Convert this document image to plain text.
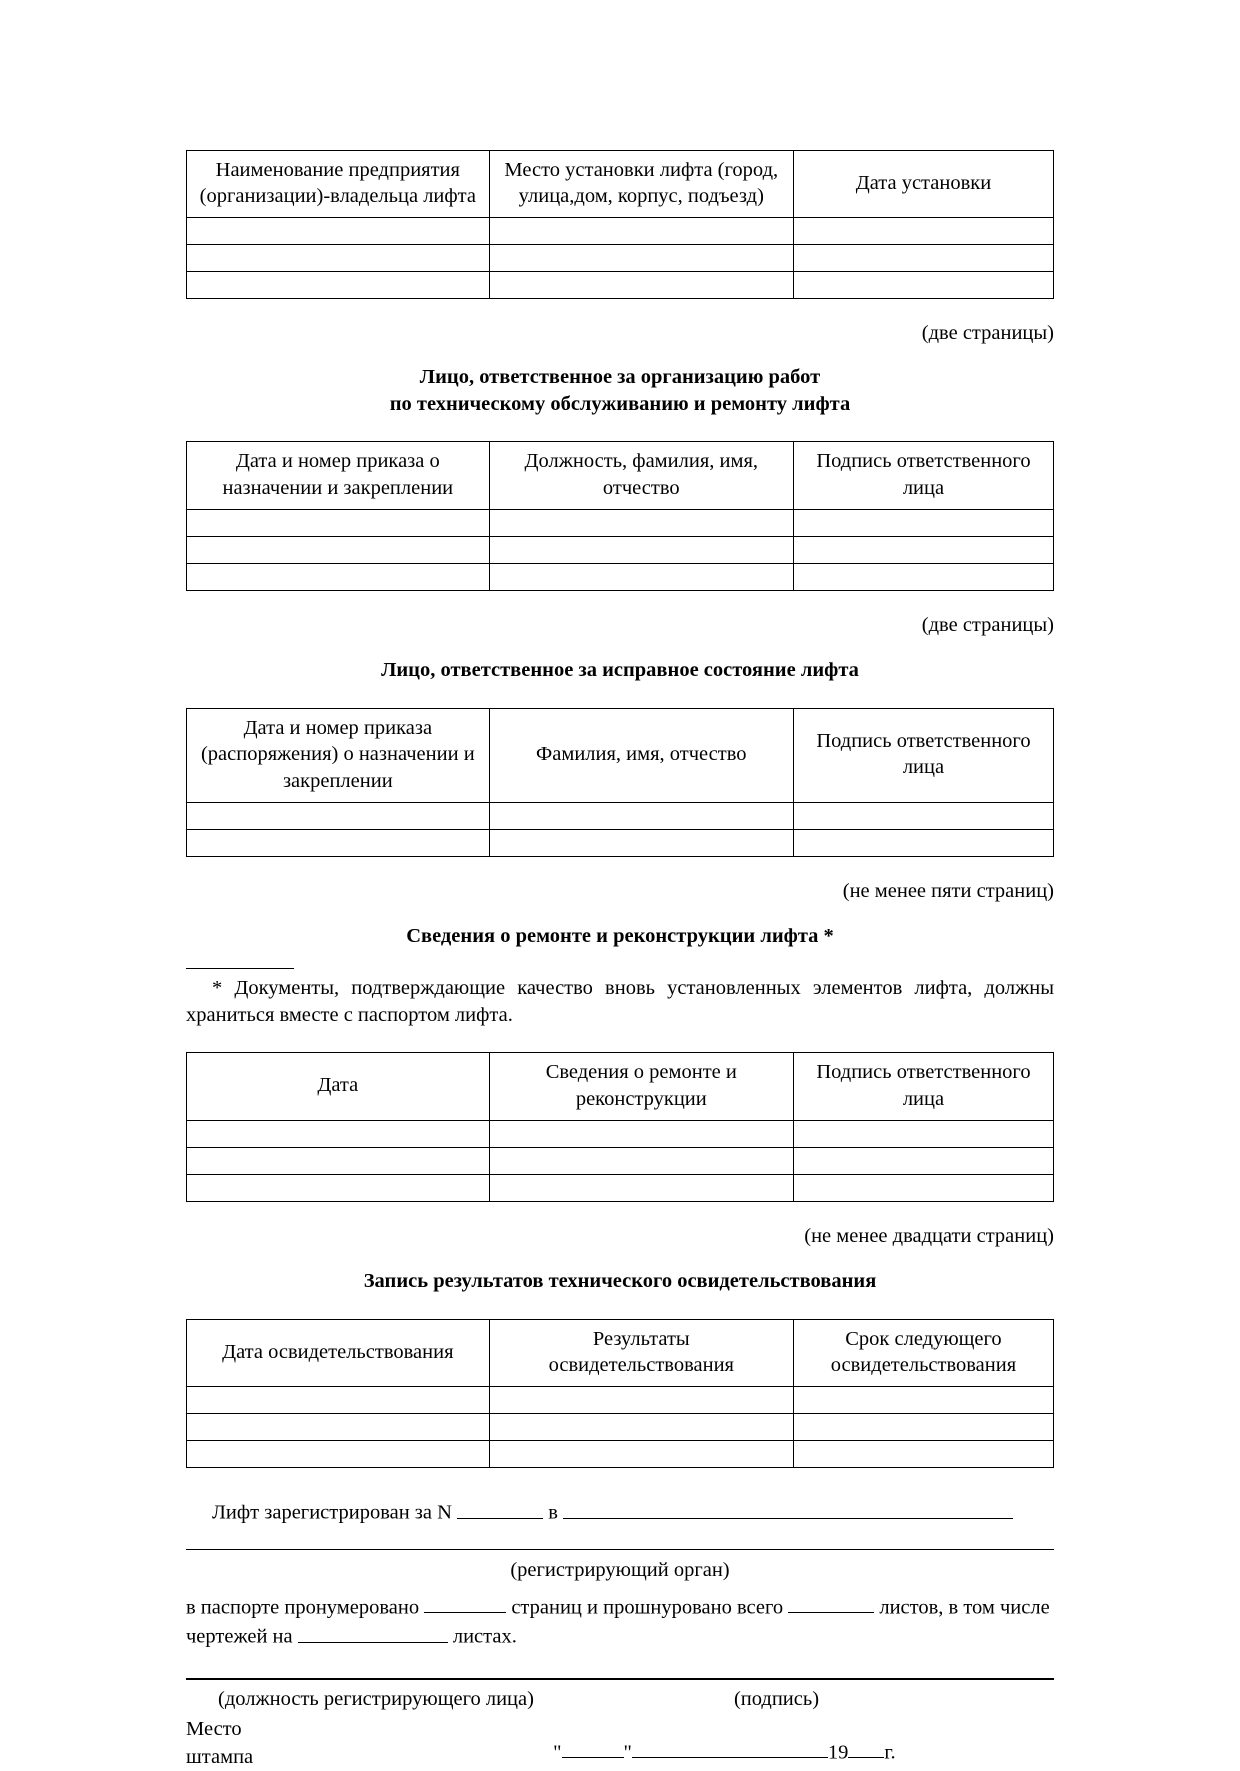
Наименование предприятия (организации)-владельца лифта	Место установки лифта (город, улица,дом, корпус, подъезд)	Дата установки

(две страницы)

Лицо, ответственное за организацию работ
по техническому обслуживанию и ремонту лифта

Дата и номер приказа о назначении и закреплении	Должность, фамилия, имя, отчество	Подпись ответственного лица

(две страницы)

Лицо, ответственное за исправное состояние лифта

Дата и номер приказа (распоряжения) о назначении и закреплении	Фамилия, имя, отчество	Подпись ответственного лица

(не менее пяти страниц)

Сведения о ремонте и реконструкции лифта *

* Документы, подтверждающие качество вновь установленных элементов лифта, должны храниться вместе с паспортом лифта.

Дата	Сведения о ремонте и реконструкции	Подпись ответственного лица

(не менее двадцати страниц)

Запись результатов технического освидетельствования

Дата освидетельствования	Результаты освидетельствования	Срок следующего освидетельствования

Лифт зарегистрирован за N	в
(регистрирующий орган)
в паспорте пронумеровано	страниц и прошнуровано всего	листов, в том числе
чертежей на	листах.
(должность регистрирующего лица)	(подпись)
Место
штампа	"	"	19 г.
